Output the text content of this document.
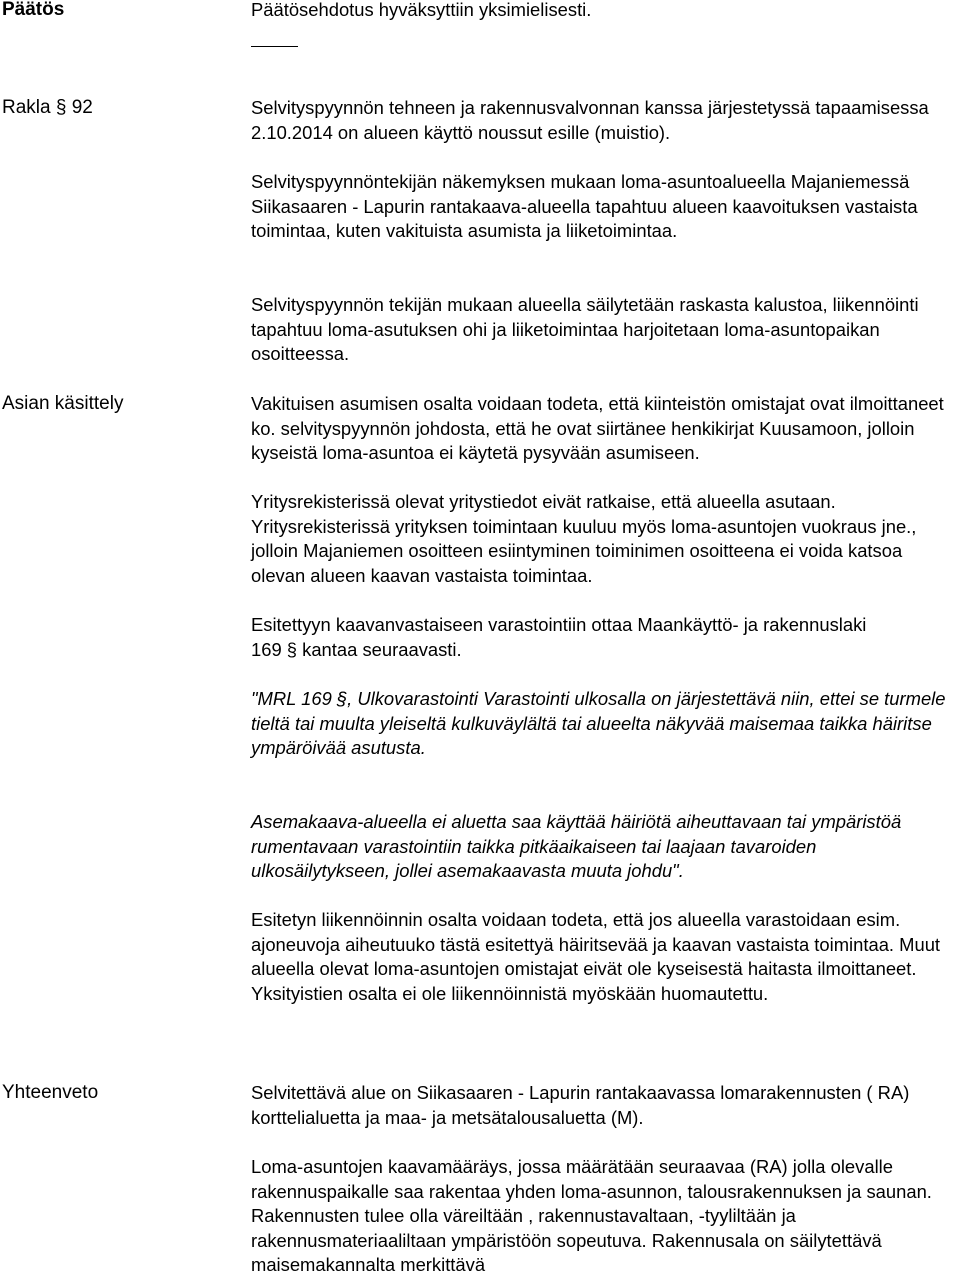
Päätös
Rakla § 92
Asian käsittely
Yhteenveto

Päätösehdotus hyväksyttiin yksimielisesti.

Selvityspyynnön tehneen ja rakennusvalvonnan kanssa järjestetyssä tapaamisessa 2.10.2014 on alueen käyttö noussut esille (muistio).

Selvityspyynnöntekijän näkemyksen mukaan loma-asuntoalueella Majaniemessä Siikasaaren - Lapurin rantakaava-alueella tapahtuu alueen kaavoituksen vastaista toimintaa, kuten vakituista asumista ja liiketoimintaa.

Selvityspyynnön tekijän mukaan alueella säilytetään raskasta kalustoa, liikennöinti tapahtuu loma-asutuksen ohi ja liiketoimintaa harjoitetaan loma-asuntopaikan osoitteessa.

Vakituisen asumisen osalta voidaan todeta, että kiinteistön omistajat ovat ilmoittaneet ko. selvityspyynnön johdosta, että he ovat siirtänee henkikirjat Kuusamoon, jolloin kyseistä loma-asuntoa ei käytetä pysyvään asumiseen.

Yritysrekisterissä olevat yritystiedot eivät ratkaise, että alueella asutaan. Yritysrekisterissä yrityksen toimintaan kuuluu myös loma-asuntojen vuokraus jne., jolloin Majaniemen osoitteen esiintyminen toiminimen osoitteena ei voida katsoa olevan alueen kaavan vastaista toimintaa.

Esitettyyn kaavanvastaiseen varastointiin ottaa Maankäyttö- ja rakennuslaki 169 § kantaa seuraavasti.

"MRL 169 §, Ulkovarastointi Varastointi ulkosalla on järjestettävä niin, ettei se turmele tieltä tai muulta yleiseltä kulkuväylältä tai alueelta näkyvää maisemaa taikka häiritse ympäröivää asutusta.

Asemakaava-alueella ei aluetta saa käyttää häiriötä aiheuttavaan tai ympäristöä rumentavaan varastointiin taikka pitkäaikaiseen tai laajaan tavaroiden ulkosäilytykseen, jollei asemakaavasta muuta johdu".

Esitetyn liikennöinnin osalta voidaan todeta, että jos alueella varastoidaan esim. ajoneuvoja aiheutuuko tästä esitettyä häiritsevää ja kaavan vastaista toimintaa. Muut alueella olevat loma-asuntojen omistajat eivät ole kyseisestä haitasta ilmoittaneet. Yksityistien osalta ei ole liikennöinnistä myöskään huomautettu.

Selvitettävä alue on Siikasaaren - Lapurin rantakaavassa lomarakennusten ( RA) korttelialuetta ja maa- ja metsätalousaluetta (M).

Loma-asuntojen kaavamääräys, jossa määrätään seuraavaa (RA) jolla olevalle rakennuspaikalle saa rakentaa yhden loma-asunnon, talousrakennuksen ja saunan. Rakennusten tulee olla väreiltään , rakennustavaltaan, -tyyliltään ja rakennusmateriaaliltaan ympäristöön sopeutuva. Rakennusala on säilytettävä maisemakannalta merkittävä
